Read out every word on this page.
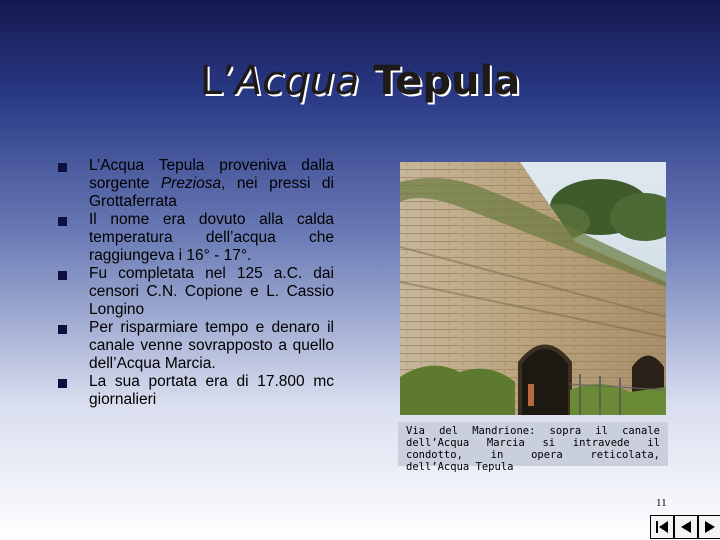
L’Acqua Tepula
L’Acqua Tepula proveniva dalla sorgente Preziosa, nei pressi di Grottaferrata
Il nome era dovuto alla calda temperatura dell’acqua che raggiungeva i 16° - 17°.
Fu completata nel 125 a.C. dai censori C.N. Copione e L. Cassio Longino
Per risparmiare tempo e denaro il canale venne sovrapposto a quello dell’Acqua Marcia.
La sua portata era di 17.800 mc giornalieri
Via del Mandrione: sopra il canale dell’Acqua Marcia si intravede il condotto, in opera reticolata, dell’Acqua Tepula
11
